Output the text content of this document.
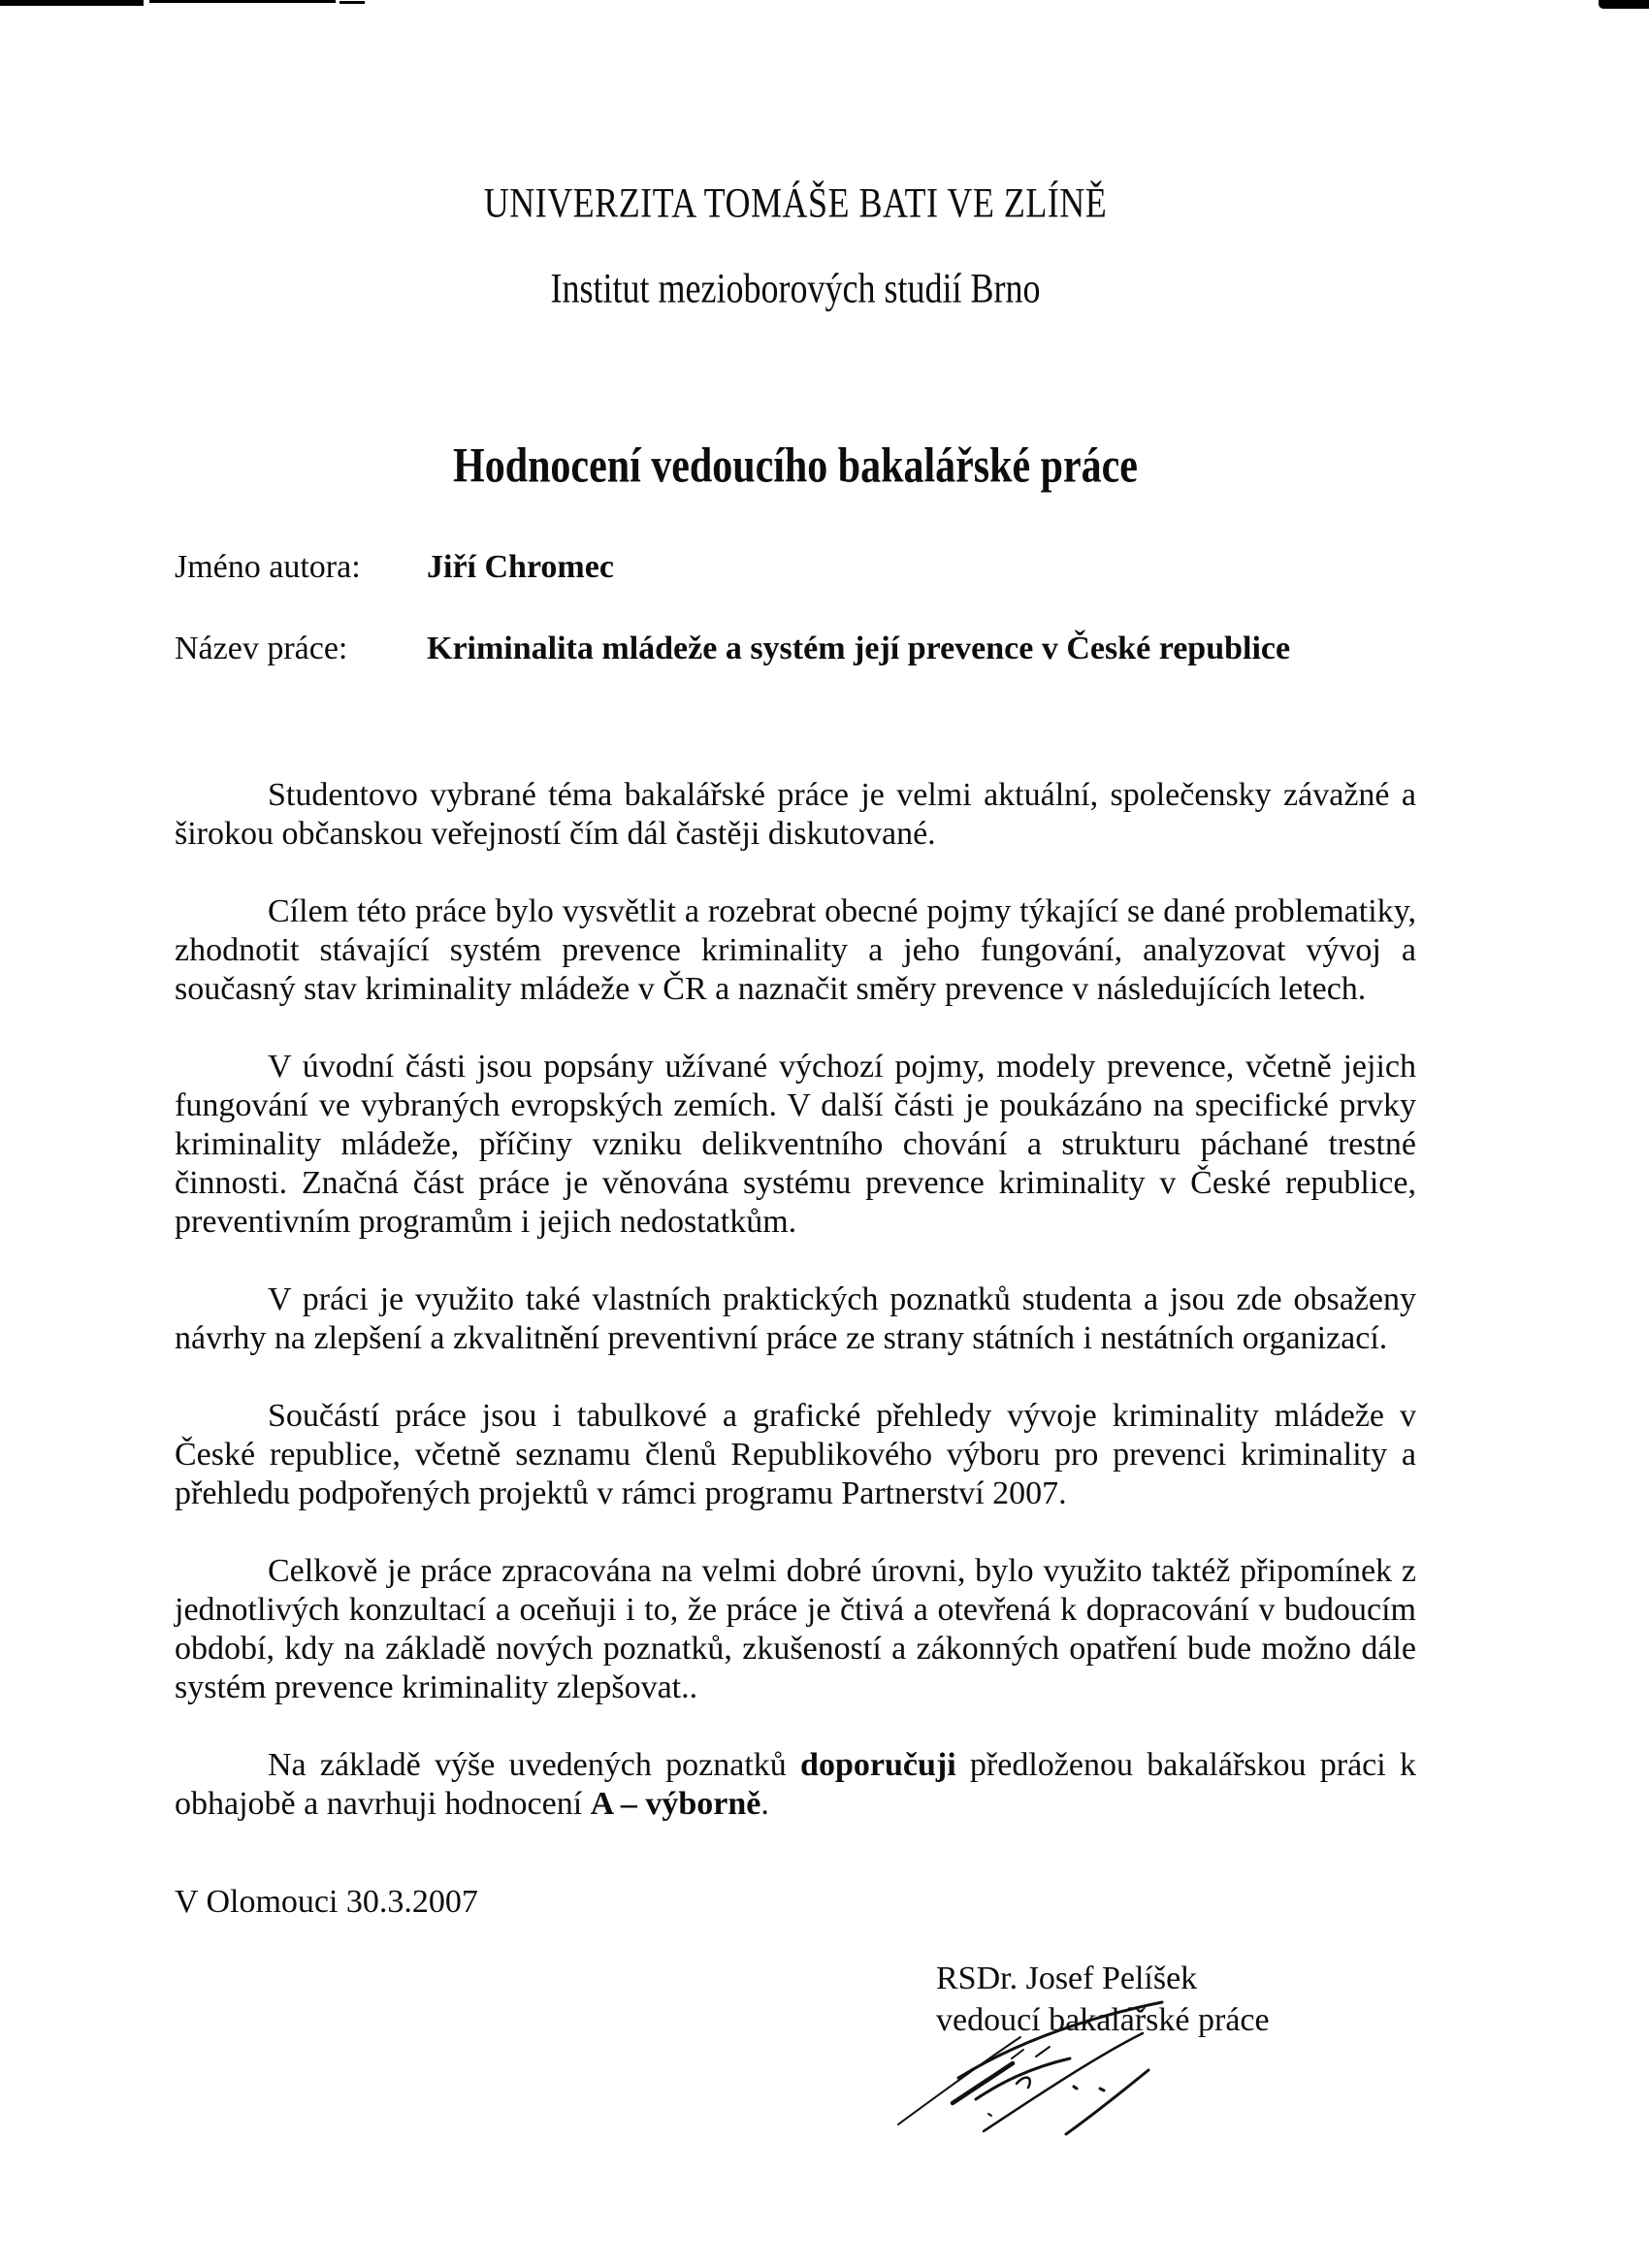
UNIVERZITA TOMÁŠE BATI VE ZLÍNĚ
Institut mezioborových studií Brno
Hodnocení vedoucího bakalářské práce
Jméno autora:	Jiří Chromec
Název práce:	Kriminalita mládeže a systém její prevence v České republice

Studentovo vybrané téma bakalářské práce je velmi aktuální, společensky závažné a širokou občanskou veřejností čím dál častěji diskutované.

Cílem této práce bylo vysvětlit a rozebrat obecné pojmy týkající se dané problematiky, zhodnotit stávající systém prevence kriminality a jeho fungování, analyzovat vývoj a současný stav kriminality mládeže v ČR a naznačit směry prevence v následujících letech.

V úvodní části jsou popsány užívané výchozí pojmy, modely prevence, včetně jejich fungování ve vybraných evropských zemích. V další části je poukázáno na specifické prvky kriminality mládeže, příčiny vzniku delikventního chování a strukturu páchané trestné činnosti. Značná část práce je věnována systému prevence kriminality v České republice, preventivním programům i jejich nedostatkům.

V práci je využito také vlastních praktických poznatků studenta a jsou zde obsaženy návrhy na zlepšení a zkvalitnění preventivní práce ze strany státních i nestátních organizací.

Součástí práce jsou i tabulkové a grafické přehledy vývoje kriminality mládeže v České republice, včetně seznamu členů Republikového výboru pro prevenci kriminality a přehledu podpořených projektů v rámci programu Partnerství 2007.

Celkově je práce zpracována na velmi dobré úrovni, bylo využito taktéž připomínek z jednotlivých konzultací a oceňuji i to, že práce je čtivá a otevřená k dopracování v budoucím období, kdy na základě nových poznatků, zkušeností a zákonných opatření bude možno dále systém prevence kriminality zlepšovat..

Na základě výše uvedených poznatků doporučuji předloženou bakalářskou práci k obhajobě a navrhuji hodnocení A – výborně.

V Olomouci 30.3.2007
RSDr. Josef Pelíšek
vedoucí bakalářské práce
